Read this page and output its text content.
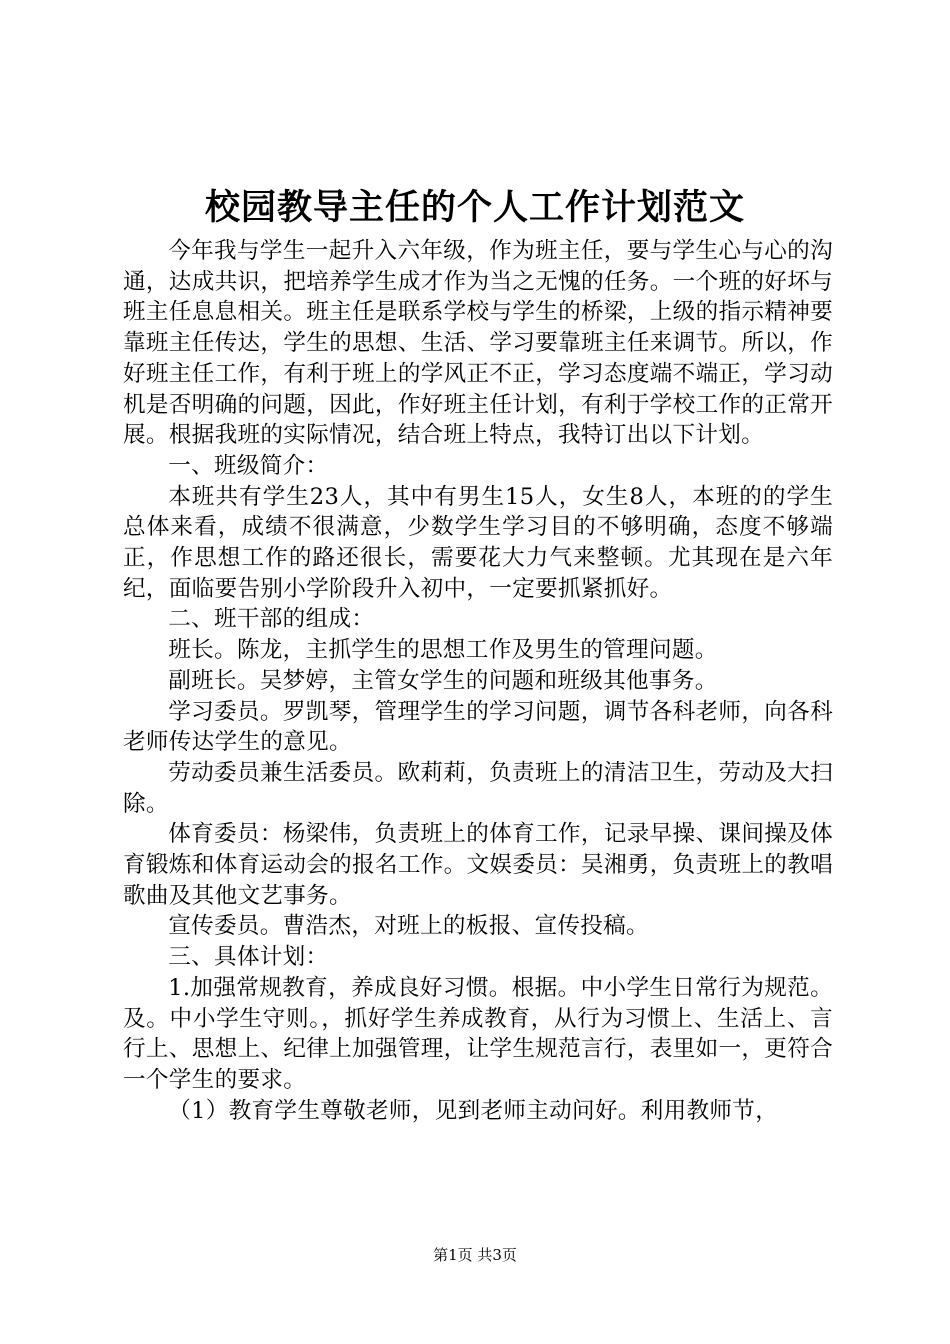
校园教导主任的个人工作计划范文

今年我与学生一起升入六年级，作为班主任，要与学生心与心的沟通，达成共识，把培养学生成才作为当之无愧的任务。一个班的好坏与班主任息息相关。班主任是联系学校与学生的桥梁，上级的指示精神要靠班主任传达，学生的思想、生活、学习要靠班主任来调节。所以，作好班主任工作，有利于班上的学风正不正，学习态度端不端正，学习动机是否明确的问题，因此，作好班主任计划，有利于学校工作的正常开展。根据我班的实际情况，结合班上特点，我特订出以下计划。

一、班级简介：

本班共有学生23人，其中有男生15人，女生8人，本班的的学生总体来看，成绩不很满意，少数学生学习目的不够明确，态度不够端正，作思想工作的路还很长，需要花大力气来整顿。尤其现在是六年纪，面临要告别小学阶段升入初中，一定要抓紧抓好。

二、班干部的组成：

班长。陈龙，主抓学生的思想工作及男生的管理问题。

副班长。吴梦婷，主管女学生的问题和班级其他事务。

学习委员。罗凯琴，管理学生的学习问题，调节各科老师，向各科老师传达学生的意见。

劳动委员兼生活委员。欧莉莉，负责班上的清洁卫生，劳动及大扫除。

体育委员：杨梁伟，负责班上的体育工作，记录早操、课间操及体育锻炼和体育运动会的报名工作。文娱委员：吴湘勇，负责班上的教唱歌曲及其他文艺事务。

宣传委员。曹浩杰，对班上的板报、宣传投稿。

三、具体计划：

1.加强常规教育，养成良好习惯。根据。中小学生日常行为规范。及。中小学生守则。，抓好学生养成教育，从行为习惯上、生活上、言行上、思想上、纪律上加强管理，让学生规范言行，表里如一，更符合一个学生的要求。

（1）教育学生尊敬老师，见到老师主动问好。利用教师节，

第1页 共3页
